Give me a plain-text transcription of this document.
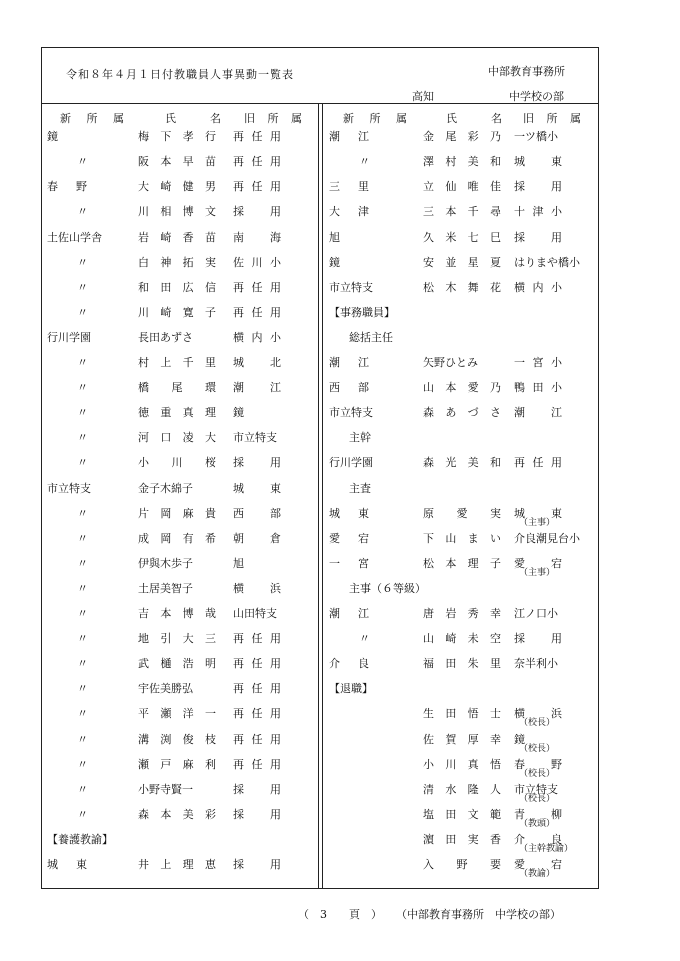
令和８年４月１日付教職員人事異動一覧表	中部教育事務所
高知	中学校の部
新所属	氏名 旧所属
鏡	梅下孝行 再任用
〃	阪本早苗 再任用
春野	大崎健男 再任用
〃	川相博文 採用
土佐山学舎	岩崎香苗 南海
〃	白神拓実 佐川小
〃	和田広信 再任用
〃	川崎寛子 再任用
行川学園	長田あずさ	横内小
〃	村上千里 城北
〃	橋尾環 潮江
〃	徳重真理 鏡
〃	河口凌大 市立特支
〃	小川桜 採用
市立特支	金子木綿子	城東
〃	片岡麻貴 西部
〃	成岡有希 朝倉
〃	伊與木歩子	旭
〃	土居美智子	横浜
〃	吉本博哉 山田特支
〃	地引大三 再任用
〃	武樋浩明 再任用
〃	宇佐美勝弘	再任用
〃	平瀬洋一 再任用
〃	溝渕俊枝 再任用
〃	瀬戸麻利 再任用
〃	小野寺賢一	採用
〃	森本美彩 採用
【養護教諭】
城東	井上理恵 採用
新所属	氏名 旧所属
潮江	金尾彩乃 一ツ橋小
〃	澤村美和 城東
三里	立仙唯佳 採用
大津	三本千尋 十津小
旭	久米七巳 採用
鏡	安並星夏 はりまや橋小
市立特支	松木舞花 横内小
【事務職員】
総括主任
潮江	矢野ひとみ	一宮小
西部	山本愛乃 鴨田小
市立特支	森あづさ 潮江
主幹
行川学園	森光美和 再任用
主査
城東	原愛実 城東
（主事）
愛宕	下山まい 介良潮見台小
一宮	松本理子 愛宕
（主事）
主事（６等級）
潮江	唐岩秀幸 江ノ口小
〃	山崎未空 採用
介良	福田朱里 奈半利小
【退職】
生田悟士 横浜
（校長）
佐賀厚幸 鏡
（校長）
小川真悟 春野
（校長）
清水隆人 市立特支
（校長）
塩田文範 青柳
（教頭）
濵田実香 介良
（主幹教諭）
入野要 愛宕
（教諭）
（　3　　頁　） （中部教育事務所　中学校の部）
